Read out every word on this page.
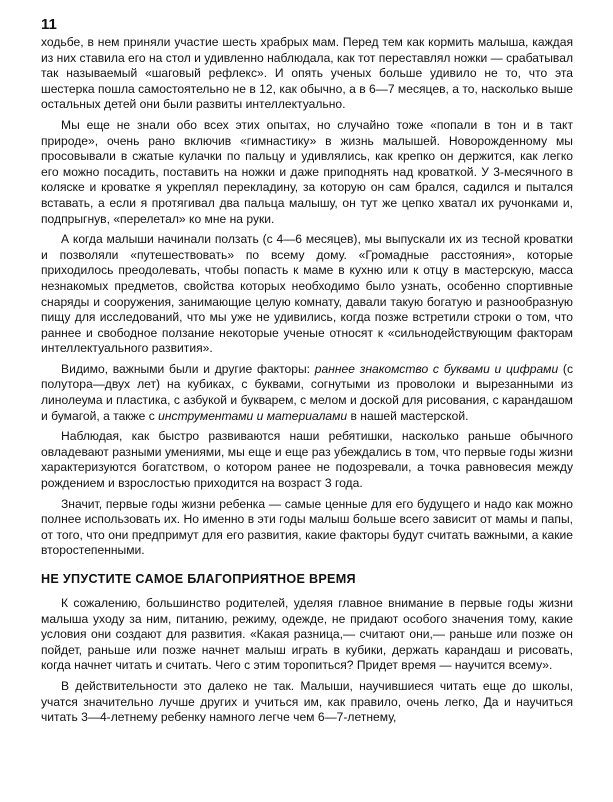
11

ходьбе, в нем приняли участие шесть храбрых мам. Перед тем как кормить малыша, каждая из них ставила его на стол и удивленно наблюдала, как тот переставлял ножки — срабатывал так называемый «шаговый рефлекс». И опять ученых больше удивило не то, что эта шестерка пошла самостоятельно не в 12, как обычно, а в 6—7 месяцев, а то, насколько выше остальных детей они были развиты интеллектуально.

Мы еще не знали обо всех этих опытах, но случайно тоже «попали в тон и в такт природе», очень рано включив «гимнастику» в жизнь малышей. Новорожденному мы просовывали в сжатые кулачки по пальцу и удивлялись, как крепко он держится, как легко его можно посадить, поставить на ножки и даже приподнять над кроваткой. У 3-месячного в коляске и кроватке я укреплял перекладину, за которую он сам брался, садился и пытался вставать, а если я протягивал два пальца малышу, он тут же цепко хватал их ручонками и, подпрыгнув, «перелетал» ко мне на руки.

А когда малыши начинали ползать (с 4—6 месяцев), мы выпускали их из тесной кроватки и позволяли «путешествовать» по всему дому. «Громадные расстояния», которые приходилось преодолевать, чтобы попасть к маме в кухню или к отцу в мастерскую, масса незнакомых предметов, свойства которых необходимо было узнать, особенно спортивные снаряды и сооружения, занимающие целую комнату, давали такую богатую и разнообразную пищу для исследований, что мы уже не удивились, когда позже встретили строки о том, что раннее и свободное ползание некоторые ученые относят к «сильнодействующим факторам интеллектуального развития».

Видимо, важными были и другие факторы: раннее знакомство с буквами и цифрами (с полутора—двух лет) на кубиках, с буквами, согнутыми из проволоки и вырезанными из линолеума и пластика, с азбукой и букварем, с мелом и доской для рисования, с карандашом и бумагой, а также с инструментами и материалами в нашей мастерской.

Наблюдая, как быстро развиваются наши ребятишки, насколько раньше обычного овладевают разными умениями, мы еще и еще раз убеждались в том, что первые годы жизни характеризуются богатством, о котором ранее не подозревали, а точка равновесия между рождением и взрослостью приходится на возраст 3 года.

Значит, первые годы жизни ребенка — самые ценные для его будущего и надо как можно полнее использовать их. Но именно в эти годы малыш больше всего зависит от мамы и папы, от того, что они предпримут для его развития, какие факторы будут считать важными, а какие второстепенными.

НЕ УПУСТИТЕ САМОЕ БЛАГОПРИЯТНОЕ ВРЕМЯ

К сожалению, большинство родителей, уделяя главное внимание в первые годы жизни малыша уходу за ним, питанию, режиму, одежде, не придают особого значения тому, какие условия они создают для развития. «Какая разница,— считают они,— раньше или позже он пойдет, раньше или позже начнет малыш играть в кубики, держать карандаш и рисовать, когда начнет читать и считать. Чего с этим торопиться? Придет время — научится всему».

В действительности это далеко не так. Малыши, научившиеся читать еще до школы, учатся значительно лучше других и учиться им, как правило, очень легко, Да и научиться читать 3—4-летнему ребенку намного легче чем 6—7-летнему,
